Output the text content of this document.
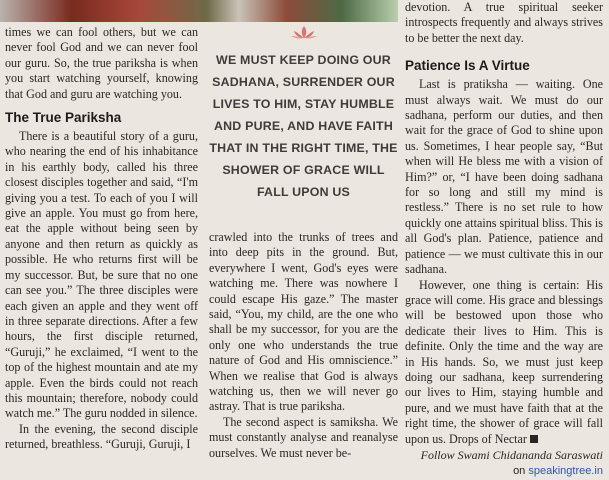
times we can fool others, but we can never fool God and we can never fool our guru. So, the true pariksha is when you start watching yourself, knowing that God and guru are watching you.

The True Pariksha

There is a beautiful story of a guru, who nearing the end of his inhabitance in his earthly body, called his three closest disciples together and said, “I'm giving you a test. To each of you I will give an apple. You must go from here, eat the apple without being seen by anyone and then return as quickly as possible. He who returns first will be my successor. But, be sure that no one can see you.” The three disciples were each given an apple and they went off in three separate directions. After a few hours, the first disciple returned, “Guruji,” he exclaimed, “I went to the top of the highest mountain and ate my apple. Even the birds could not reach this mountain; therefore, nobody could watch me.” The guru nodded in silence.

In the evening, the second disciple returned, breathless. “Guruji, Guruji, I

WE MUST KEEP DOING OUR SADHANA, SURRENDER OUR LIVES TO HIM, STAY HUMBLE AND PURE, AND HAVE FAITH THAT IN THE RIGHT TIME, THE SHOWER OF GRACE WILL FALL UPON US

crawled into the trunks of trees and into deep pits in the ground. But, everywhere I went, God's eyes were watching me. There was nowhere I could escape His gaze.” The master said, “You, my child, are the one who shall be my successor, for you are the only one who understands the true nature of God and His omniscience.” When we realise that God is always watching us, then we will never go astray. That is true pariksha.

The second aspect is samiksha. We must constantly analyse and reanalyse ourselves. We must never be-

devotion. A true spiritual seeker introspects frequently and always strives to be better the next day.

Patience Is A Virtue

Last is pratiksha — waiting. One must always wait. We must do our sadhana, perform our duties, and then wait for the grace of God to shine upon us. Sometimes, I hear people say, “But when will He bless me with a vision of Him?” or, “I have been doing sadhana for so long and still my mind is restless.” There is no set rule to how quickly one attains spiritual bliss. This is all God's plan. Patience, patience and patience — we must cultivate this in our sadhana.

However, one thing is certain: His grace will come. His grace and blessings will be bestowed upon those who dedicate their lives to Him. This is definite. Only the time and the way are in His hands. So, we must just keep doing our sadhana, keep surrendering our lives to Him, staying humble and pure, and we must have faith that at the right time, the shower of grace will fall upon us. Drops of Nectar

Follow Swami Chidananda Saraswati
on speakingtree.in
